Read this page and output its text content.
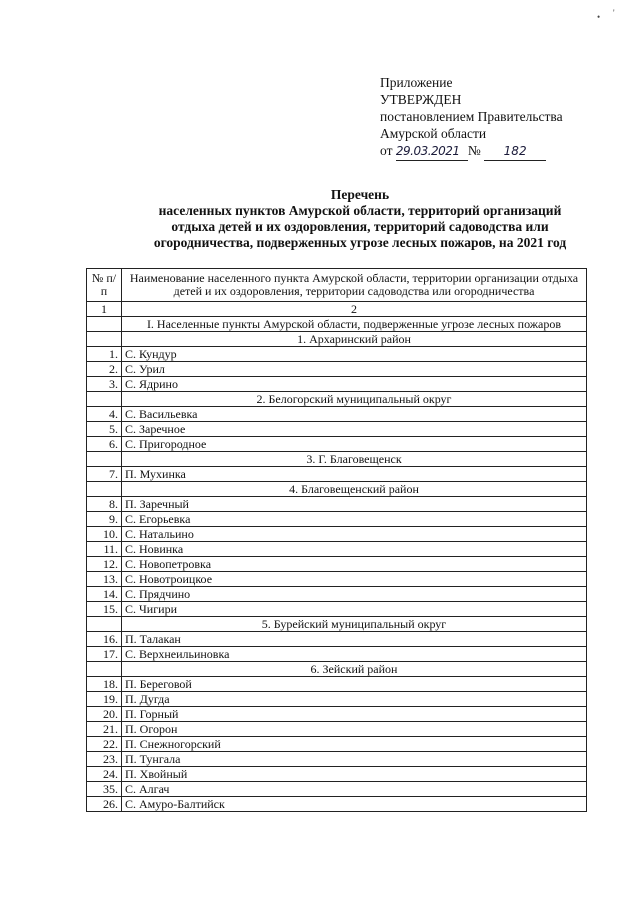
• '
Приложение
УТВЕРЖДЕН
постановлением Правительства
Амурской области
от 29.03.2021 № 182
Перечень
населенных пунктов Амурской области, территорий организаций
отдыха детей и их оздоровления, территорий садоводства или
огородничества, подверженных угрозе лесных пожаров, на 2021 год
№ п/п	Наименование населенного пункта Амурской области, территории организации отдыха детей и их оздоровления, территории садоводства или огородничества
1	2
	I. Населенные пункты Амурской области, подверженные угрозе лесных пожаров
	1. Архаринский район
1.	С. Кундур
2.	С. Урил
3.	С. Ядрино
	2. Белогорский муниципальный округ
4.	С. Васильевка
5.	С. Заречное
6.	С. Пригородное
	3. Г. Благовещенск
7.	П. Мухинка
	4. Благовещенский район
8.	П. Заречный
9.	С. Егорьевка
10.	С. Натальино
11.	С. Новинка
12.	С. Новопетровка
13.	С. Новотроицкое
14.	С. Прядчино
15.	С. Чигири
	5. Бурейский муниципальный округ
16.	П. Талакан
17.	С. Верхнеильиновка
	6. Зейский район
18.	П. Береговой
19.	П. Дугда
20.	П. Горный
21.	П. Огорон
22.	П. Снежногорский
23.	П. Тунгала
24.	П. Хвойный
35.	С. Алгач
26.	С. Амуро-Балтийск
